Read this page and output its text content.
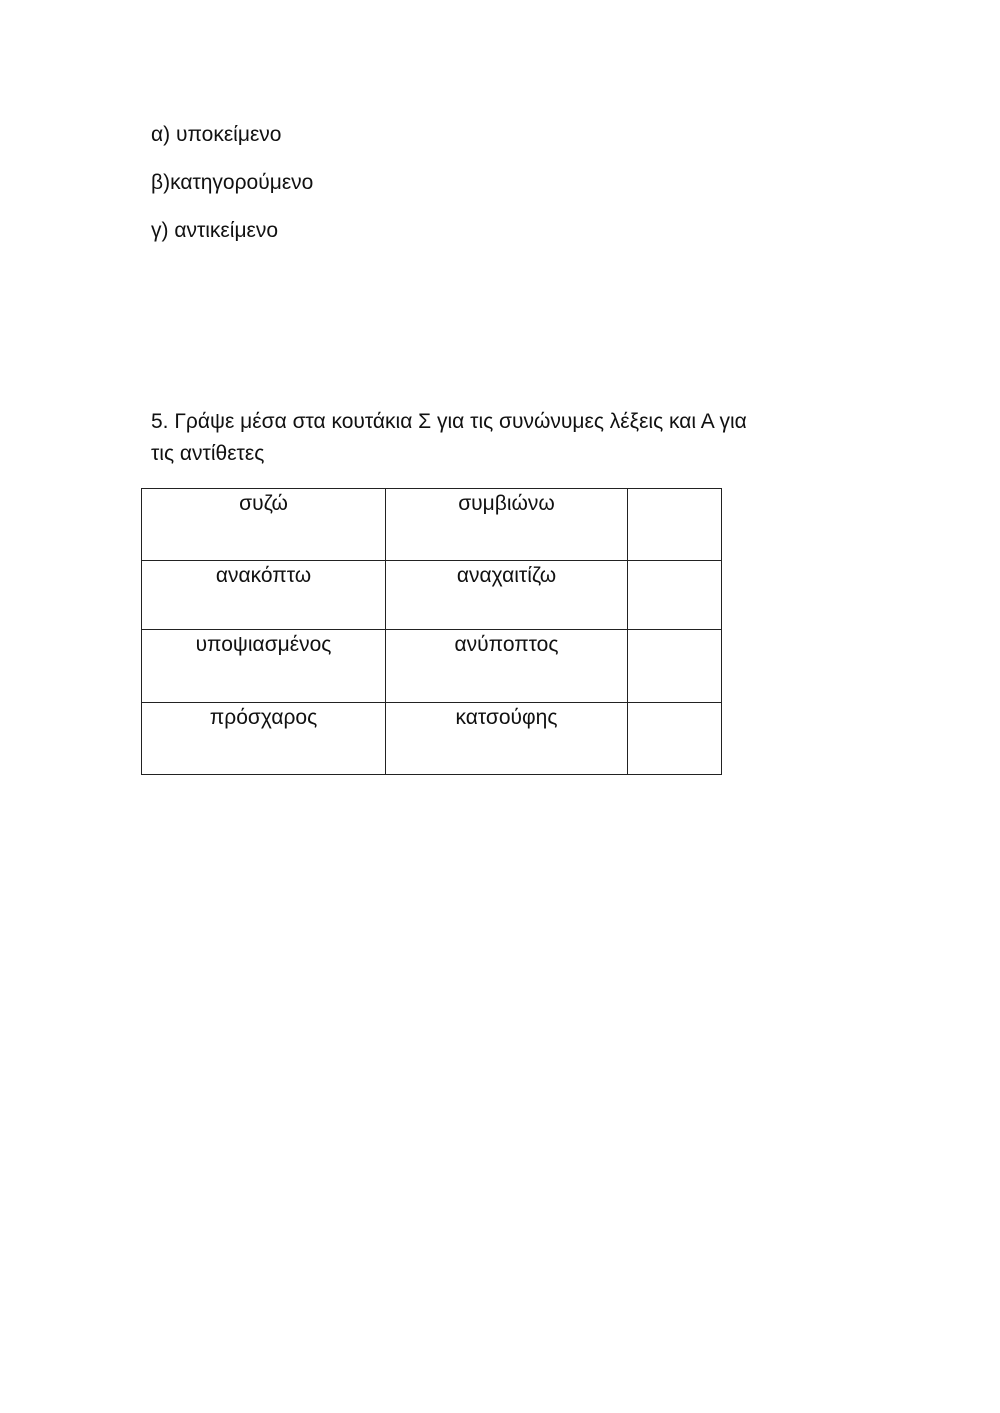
α) υποκείμενο
β)κατηγορούμενο
γ) αντικείμενο
5. Γράψε μέσα στα κουτάκια Σ για τις συνώνυμες λέξεις και Α για
τις αντίθετες
συζώ	συμβιώνω	

ανακόπτω	αναχαιτίζω	

υποψιασμένος	ανύποπτος	

πρόσχαρος	κατσούφης	
